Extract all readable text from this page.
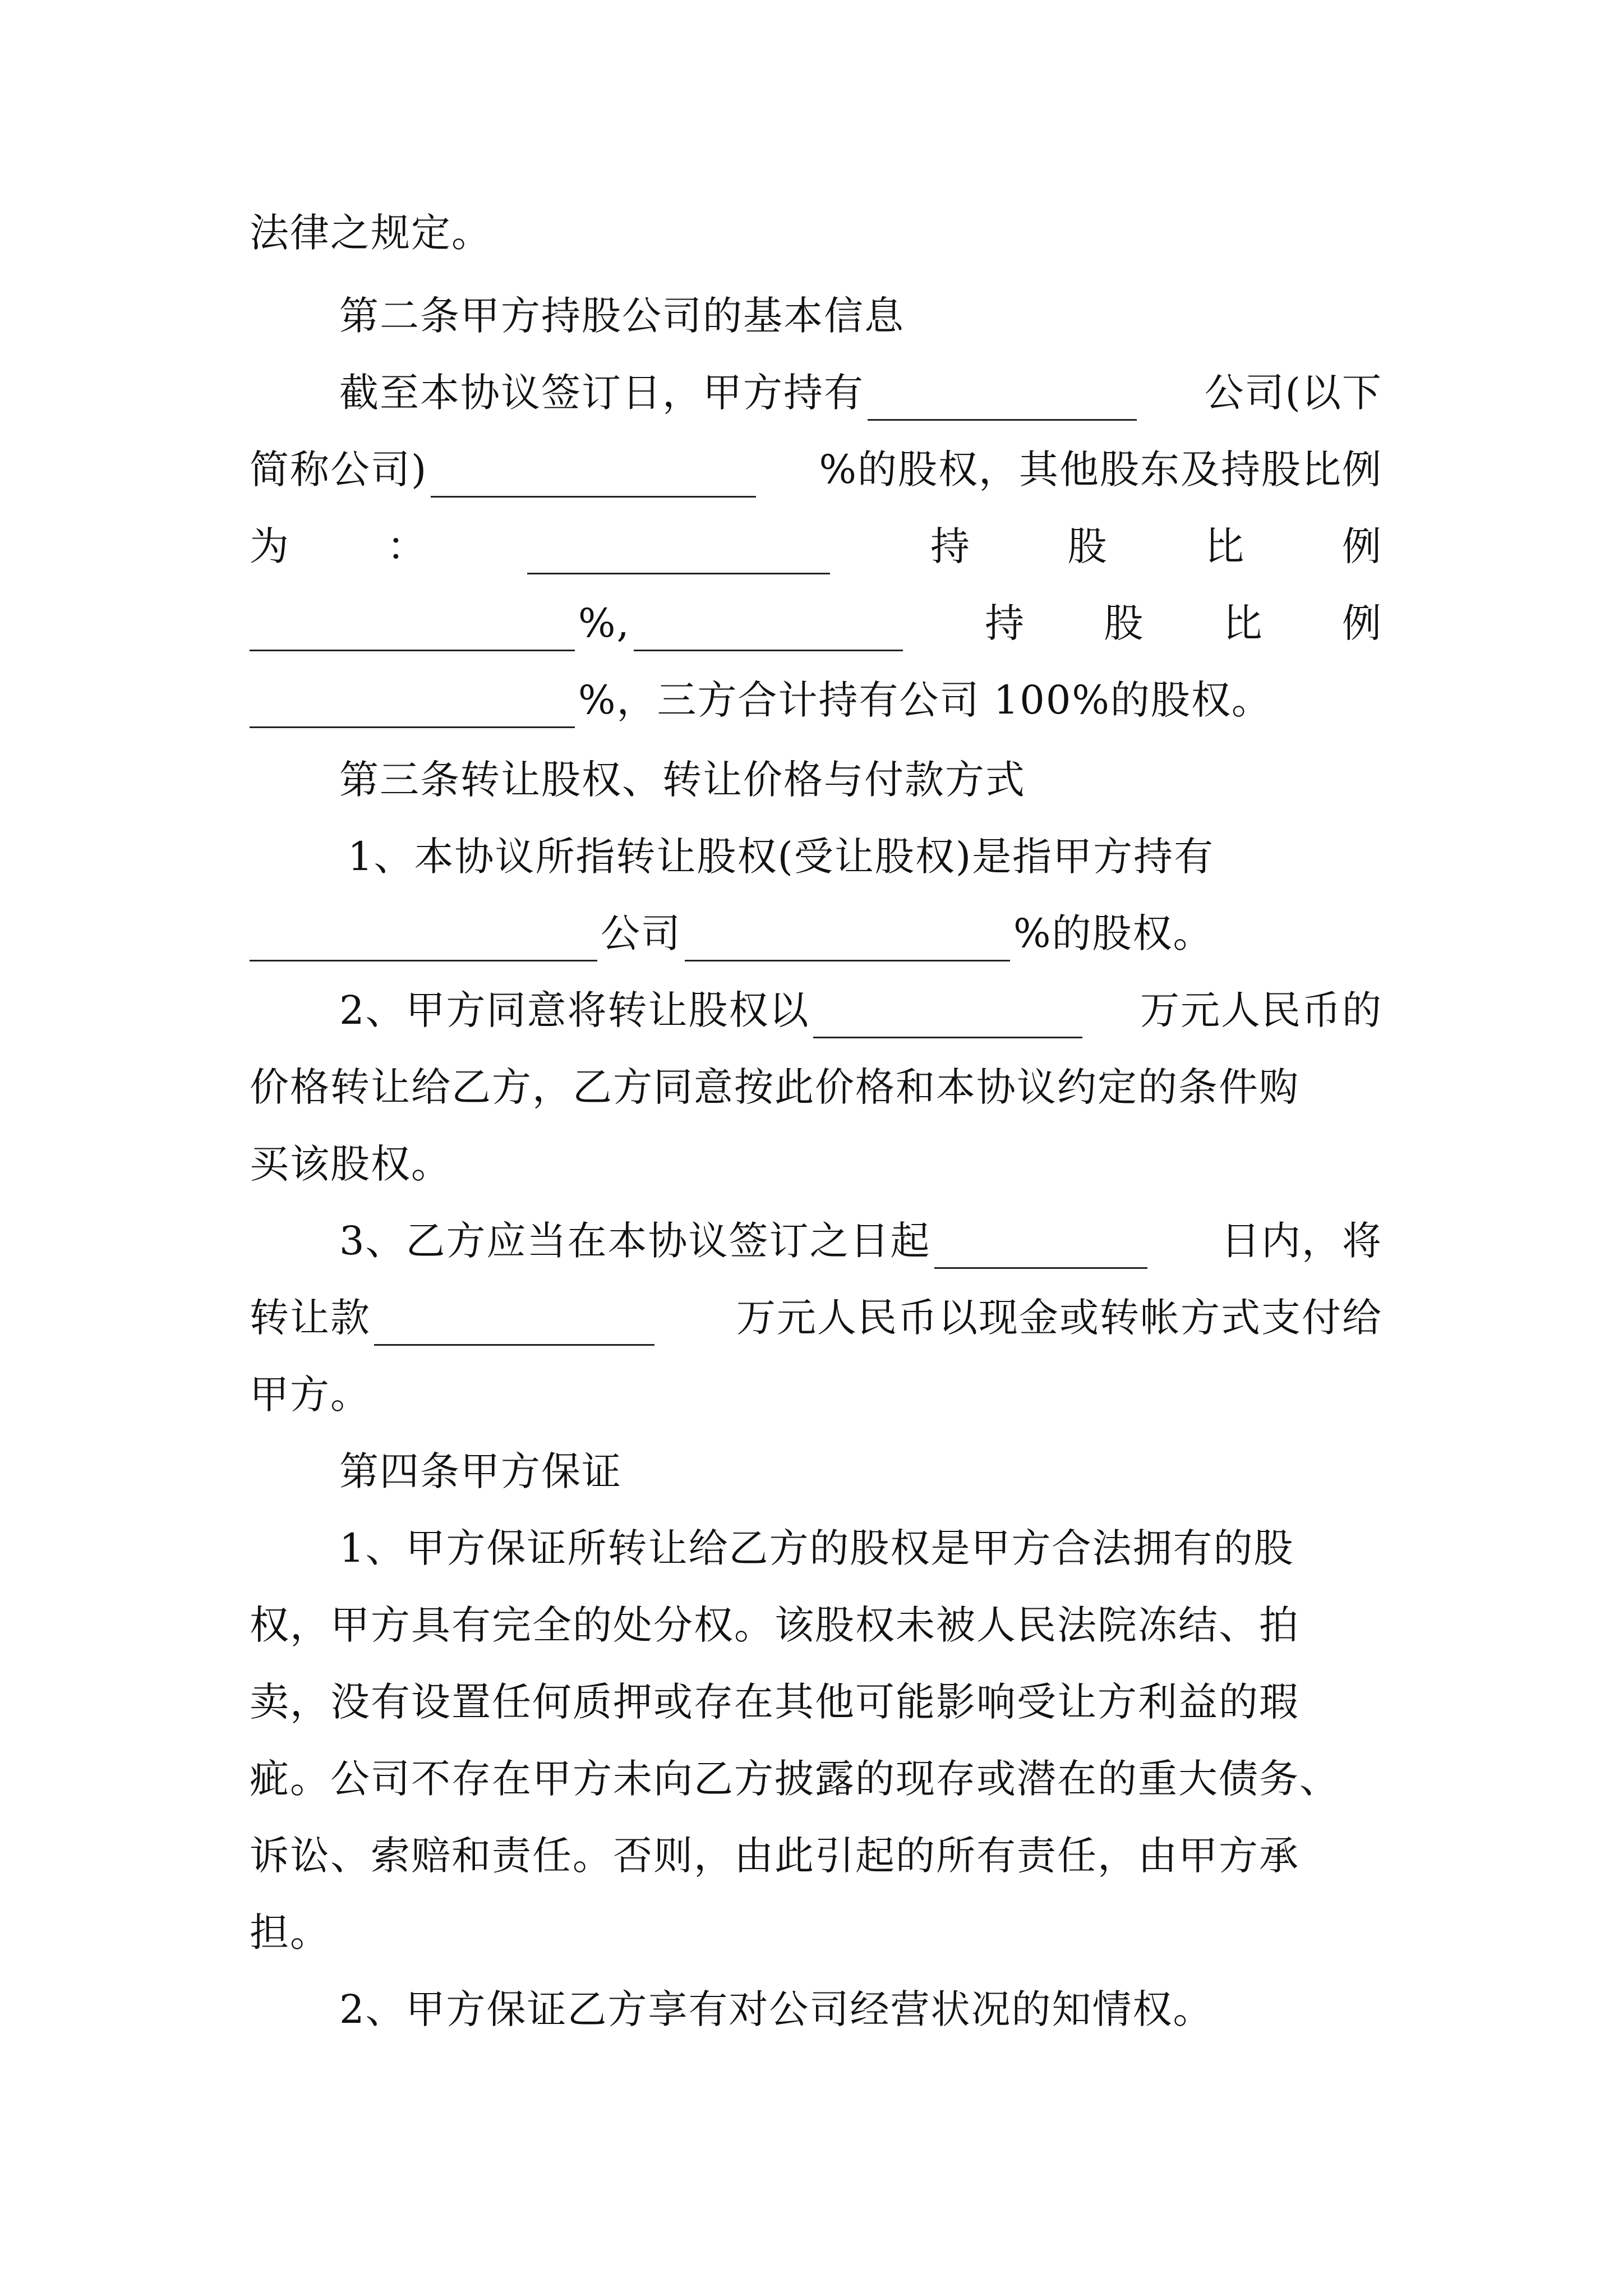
法律之规定。
第二条甲方持股公司的基本信息
截至本协议签订日，甲方持有	公司(以下
简称公司)	%的股权，其他股东及持股比例
为 ：	持 股 比 例
%,	持 股 比 例
%，三方合计持有公司 100%的股权。
第三条转让股权、转让价格与付款方式
1、本协议所指转让股权(受让股权)是指甲方持有
公司	%的股权。
2、甲方同意将转让股权以	万元人民币的
价格转让给乙方，乙方同意按此价格和本协议约定的条件购
买该股权。
3、乙方应当在本协议签订之日起	日内，将
转让款	万元人民币以现金或转帐方式支付给
甲方。
第四条甲方保证
1、甲方保证所转让给乙方的股权是甲方合法拥有的股
权，甲方具有完全的处分权。该股权未被人民法院冻结、拍
卖，没有设置任何质押或存在其他可能影响受让方利益的瑕
疵。公司不存在甲方未向乙方披露的现存或潜在的重大债务、
诉讼、索赔和责任。否则，由此引起的所有责任，由甲方承
担。
2、甲方保证乙方享有对公司经营状况的知情权。
